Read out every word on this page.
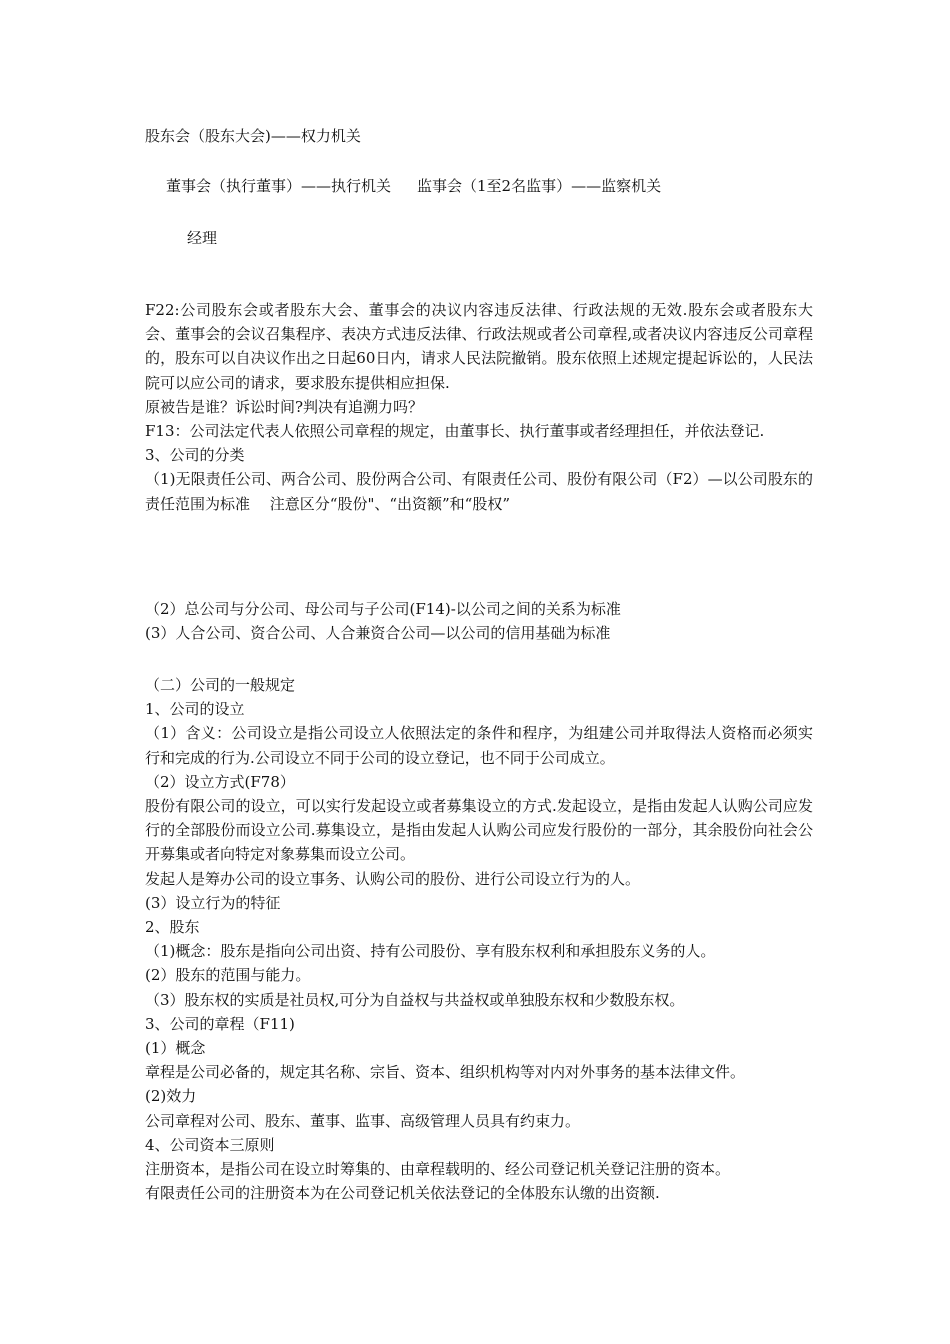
股东会（股东大会)——权力机关
董事会（执行董事）——执行机关 监事会（1至2名监事）——监察机关
经理
F22:公司股东会或者股东大会、董事会的决议内容违反法律、行政法规的无效.股东会或者股东大会、董事会的会议召集程序、表决方式违反法律、行政法规或者公司章程,或者决议内容违反公司章程的，股东可以自决议作出之日起60日内，请求人民法院撤销。股东依照上述规定提起诉讼的，人民法院可以应公司的请求，要求股东提供相应担保.
原被告是谁？诉讼时间?判决有追溯力吗？
F13：公司法定代表人依照公司章程的规定，由董事长、执行董事或者经理担任，并依法登记.
3、公司的分类
（1)无限责任公司、两合公司、股份两合公司、有限责任公司、股份有限公司（F2）—以公司股东的责任范围为标准　 注意区分“股份"、“出资额”和“股权”
（2）总公司与分公司、母公司与子公司(F14)-以公司之间的关系为标准
(3）人合公司、资合公司、人合兼资合公司—以公司的信用基础为标准
（二）公司的一般规定
1、公司的设立
（1）含义：公司设立是指公司设立人依照法定的条件和程序，为组建公司并取得法人资格而必须实行和完成的行为.公司设立不同于公司的设立登记，也不同于公司成立。
（2）设立方式(F78）
股份有限公司的设立，可以实行发起设立或者募集设立的方式.发起设立，是指由发起人认购公司应发行的全部股份而设立公司.募集设立，是指由发起人认购公司应发行股份的一部分，其余股份向社会公开募集或者向特定对象募集而设立公司。
发起人是筹办公司的设立事务、认购公司的股份、进行公司设立行为的人。
(3）设立行为的特征
2、股东
（1)概念：股东是指向公司出资、持有公司股份、享有股东权利和承担股东义务的人。
(2）股东的范围与能力。
（3）股东权的实质是社员权,可分为自益权与共益权或单独股东权和少数股东权。
3、公司的章程（F11)
(1）概念
章程是公司必备的，规定其名称、宗旨、资本、组织机构等对内对外事务的基本法律文件。
(2)效力
公司章程对公司、股东、董事、监事、高级管理人员具有约束力。
4、公司资本三原则
注册资本，是指公司在设立时筹集的、由章程载明的、经公司登记机关登记注册的资本。
有限责任公司的注册资本为在公司登记机关依法登记的全体股东认缴的出资额.
